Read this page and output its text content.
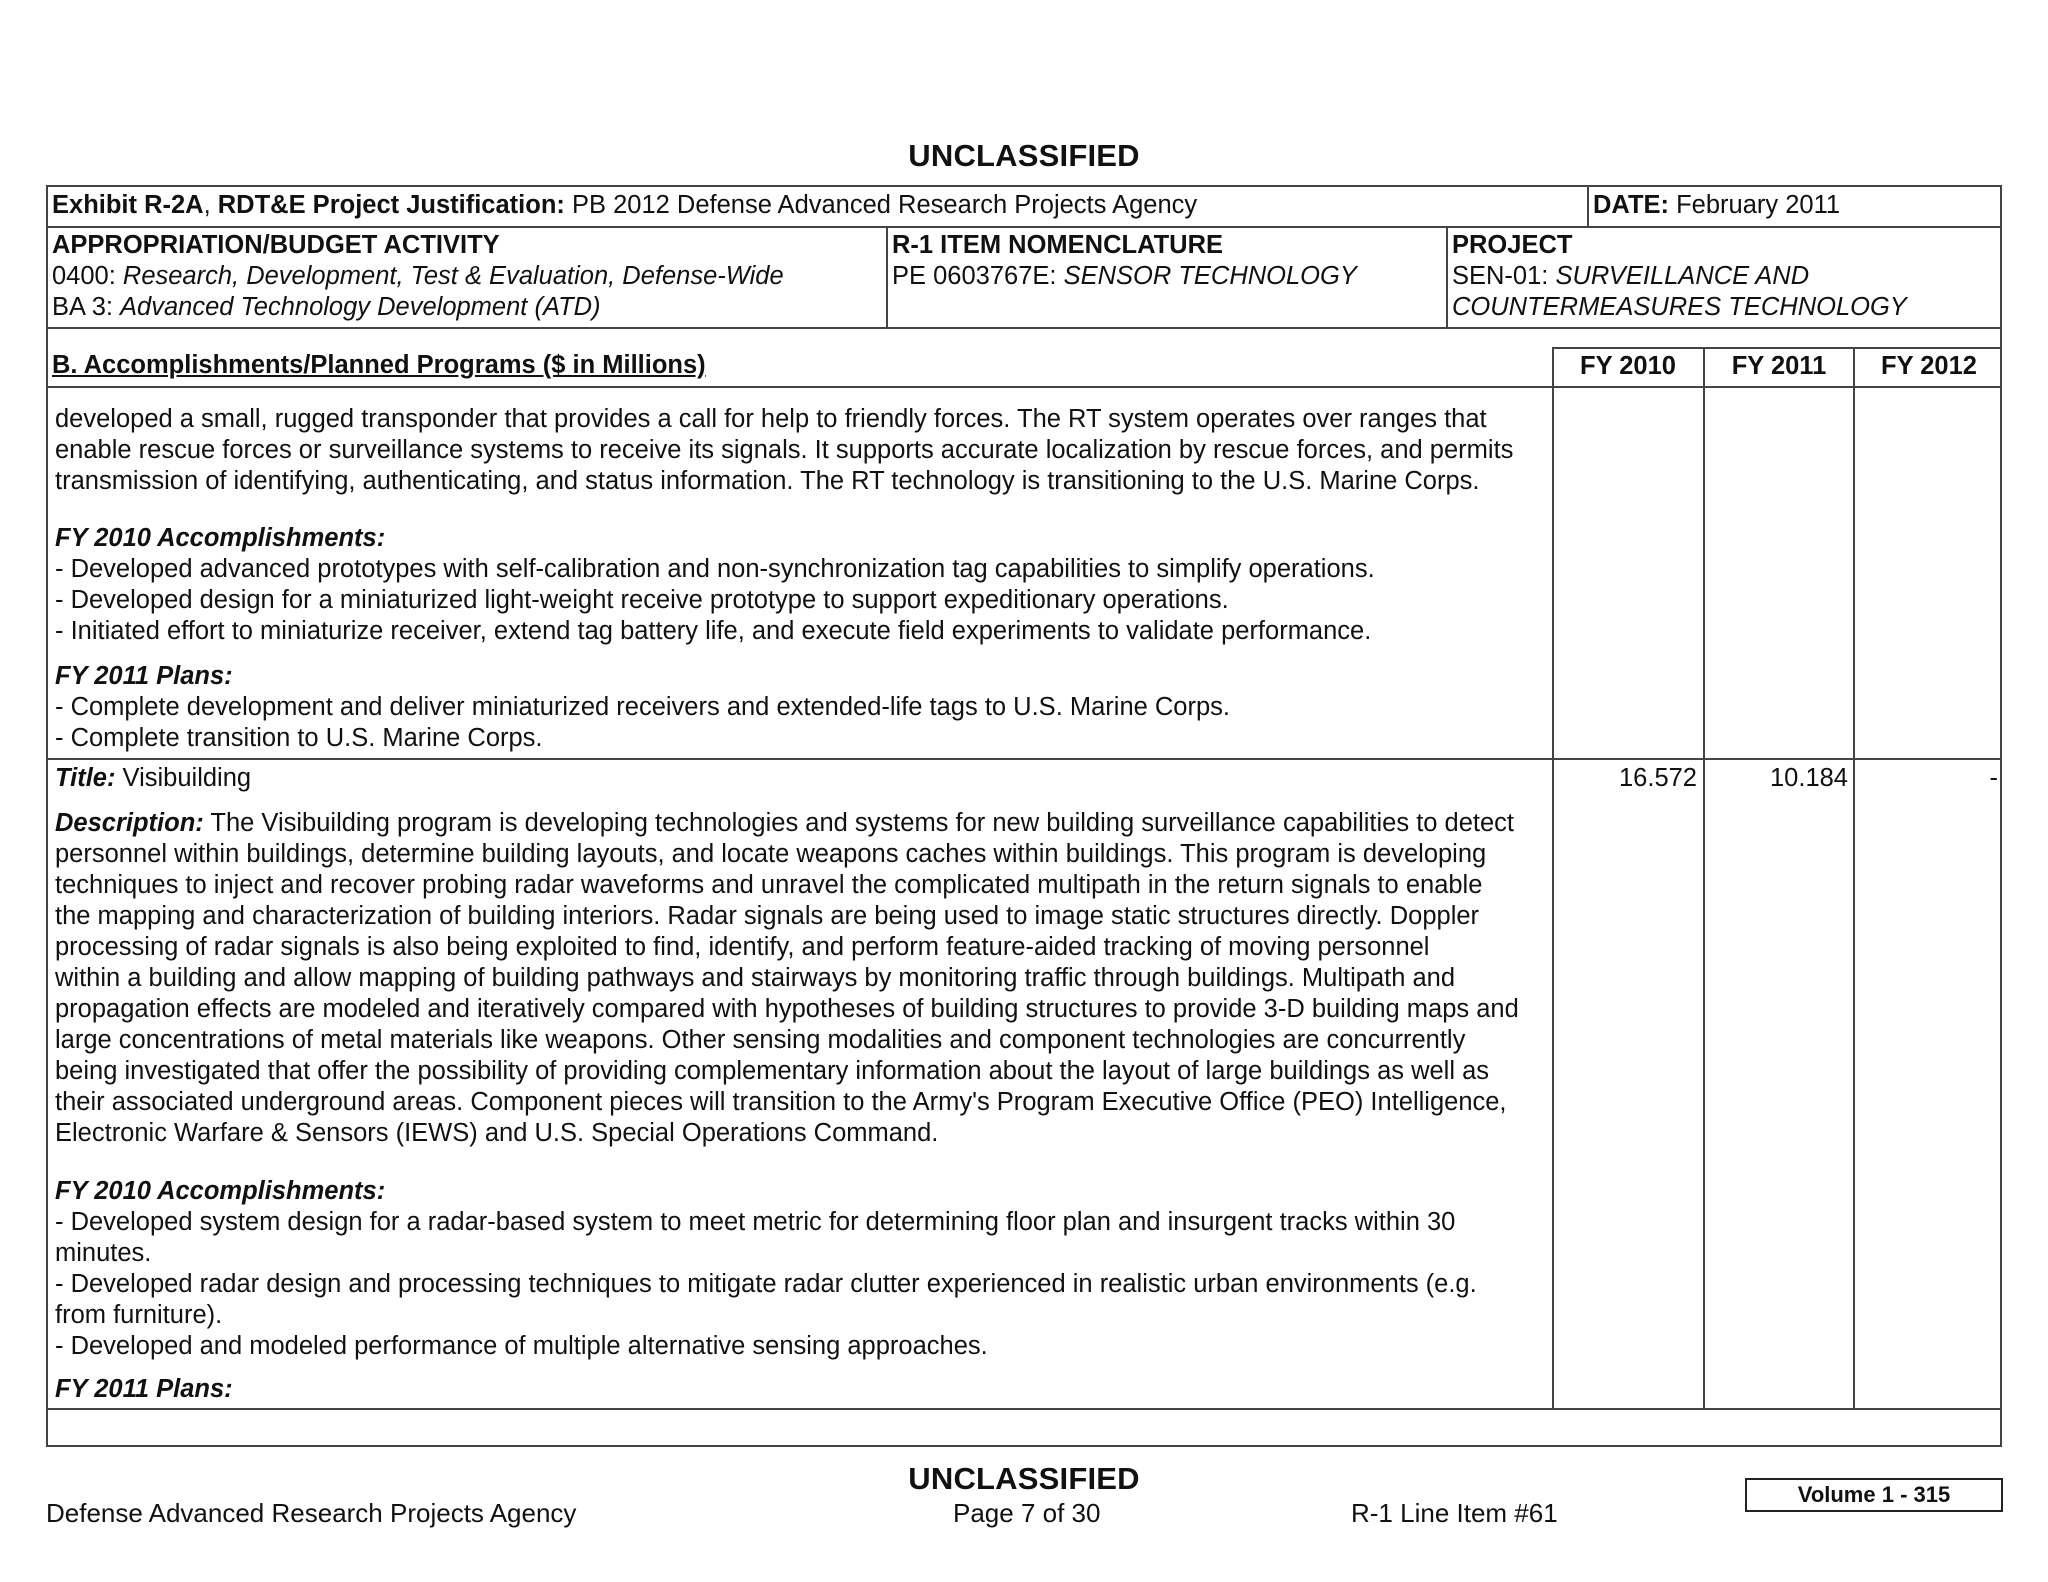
UNCLASSIFIED
Exhibit R-2A, RDT&E Project Justification: PB 2012 Defense Advanced Research Projects Agency	DATE: February 2011
APPROPRIATION/BUDGET ACTIVITY
0400: Research, Development, Test & Evaluation, Defense-Wide
BA 3: Advanced Technology Development (ATD)
R-1 ITEM NOMENCLATURE
PE 0603767E: SENSOR TECHNOLOGY
PROJECT
SEN-01: SURVEILLANCE AND
COUNTERMEASURES TECHNOLOGY
B. Accomplishments/Planned Programs ($ in Millions)	FY 2010	FY 2011	FY 2012
developed a small, rugged transponder that provides a call for help to friendly forces. The RT system operates over ranges that
enable rescue forces or surveillance systems to receive its signals. It supports accurate localization by rescue forces, and permits
transmission of identifying, authenticating, and status information. The RT technology is transitioning to the U.S. Marine Corps.
FY 2010 Accomplishments:
- Developed advanced prototypes with self-calibration and non-synchronization tag capabilities to simplify operations.
- Developed design for a miniaturized light-weight receive prototype to support expeditionary operations.
- Initiated effort to miniaturize receiver, extend tag battery life, and execute field experiments to validate performance.
FY 2011 Plans:
- Complete development and deliver miniaturized receivers and extended-life tags to U.S. Marine Corps.
- Complete transition to U.S. Marine Corps.
Title: Visibuilding	16.572	10.184	-
Description: The Visibuilding program is developing technologies and systems for new building surveillance capabilities to detect
personnel within buildings, determine building layouts, and locate weapons caches within buildings. This program is developing
techniques to inject and recover probing radar waveforms and unravel the complicated multipath in the return signals to enable
the mapping and characterization of building interiors. Radar signals are being used to image static structures directly. Doppler
processing of radar signals is also being exploited to find, identify, and perform feature-aided tracking of moving personnel
within a building and allow mapping of building pathways and stairways by monitoring traffic through buildings. Multipath and
propagation effects are modeled and iteratively compared with hypotheses of building structures to provide 3-D building maps and
large concentrations of metal materials like weapons. Other sensing modalities and component technologies are concurrently
being investigated that offer the possibility of providing complementary information about the layout of large buildings as well as
their associated underground areas. Component pieces will transition to the Army's Program Executive Office (PEO) Intelligence,
Electronic Warfare & Sensors (IEWS) and U.S. Special Operations Command.
FY 2010 Accomplishments:
- Developed system design for a radar-based system to meet metric for determining floor plan and insurgent tracks within 30
minutes.
- Developed radar design and processing techniques to mitigate radar clutter experienced in realistic urban environments (e.g.
from furniture).
- Developed and modeled performance of multiple alternative sensing approaches.
FY 2011 Plans:
UNCLASSIFIED
Defense Advanced Research Projects Agency	Page 7 of 30	R-1 Line Item #61
Volume 1 - 315
